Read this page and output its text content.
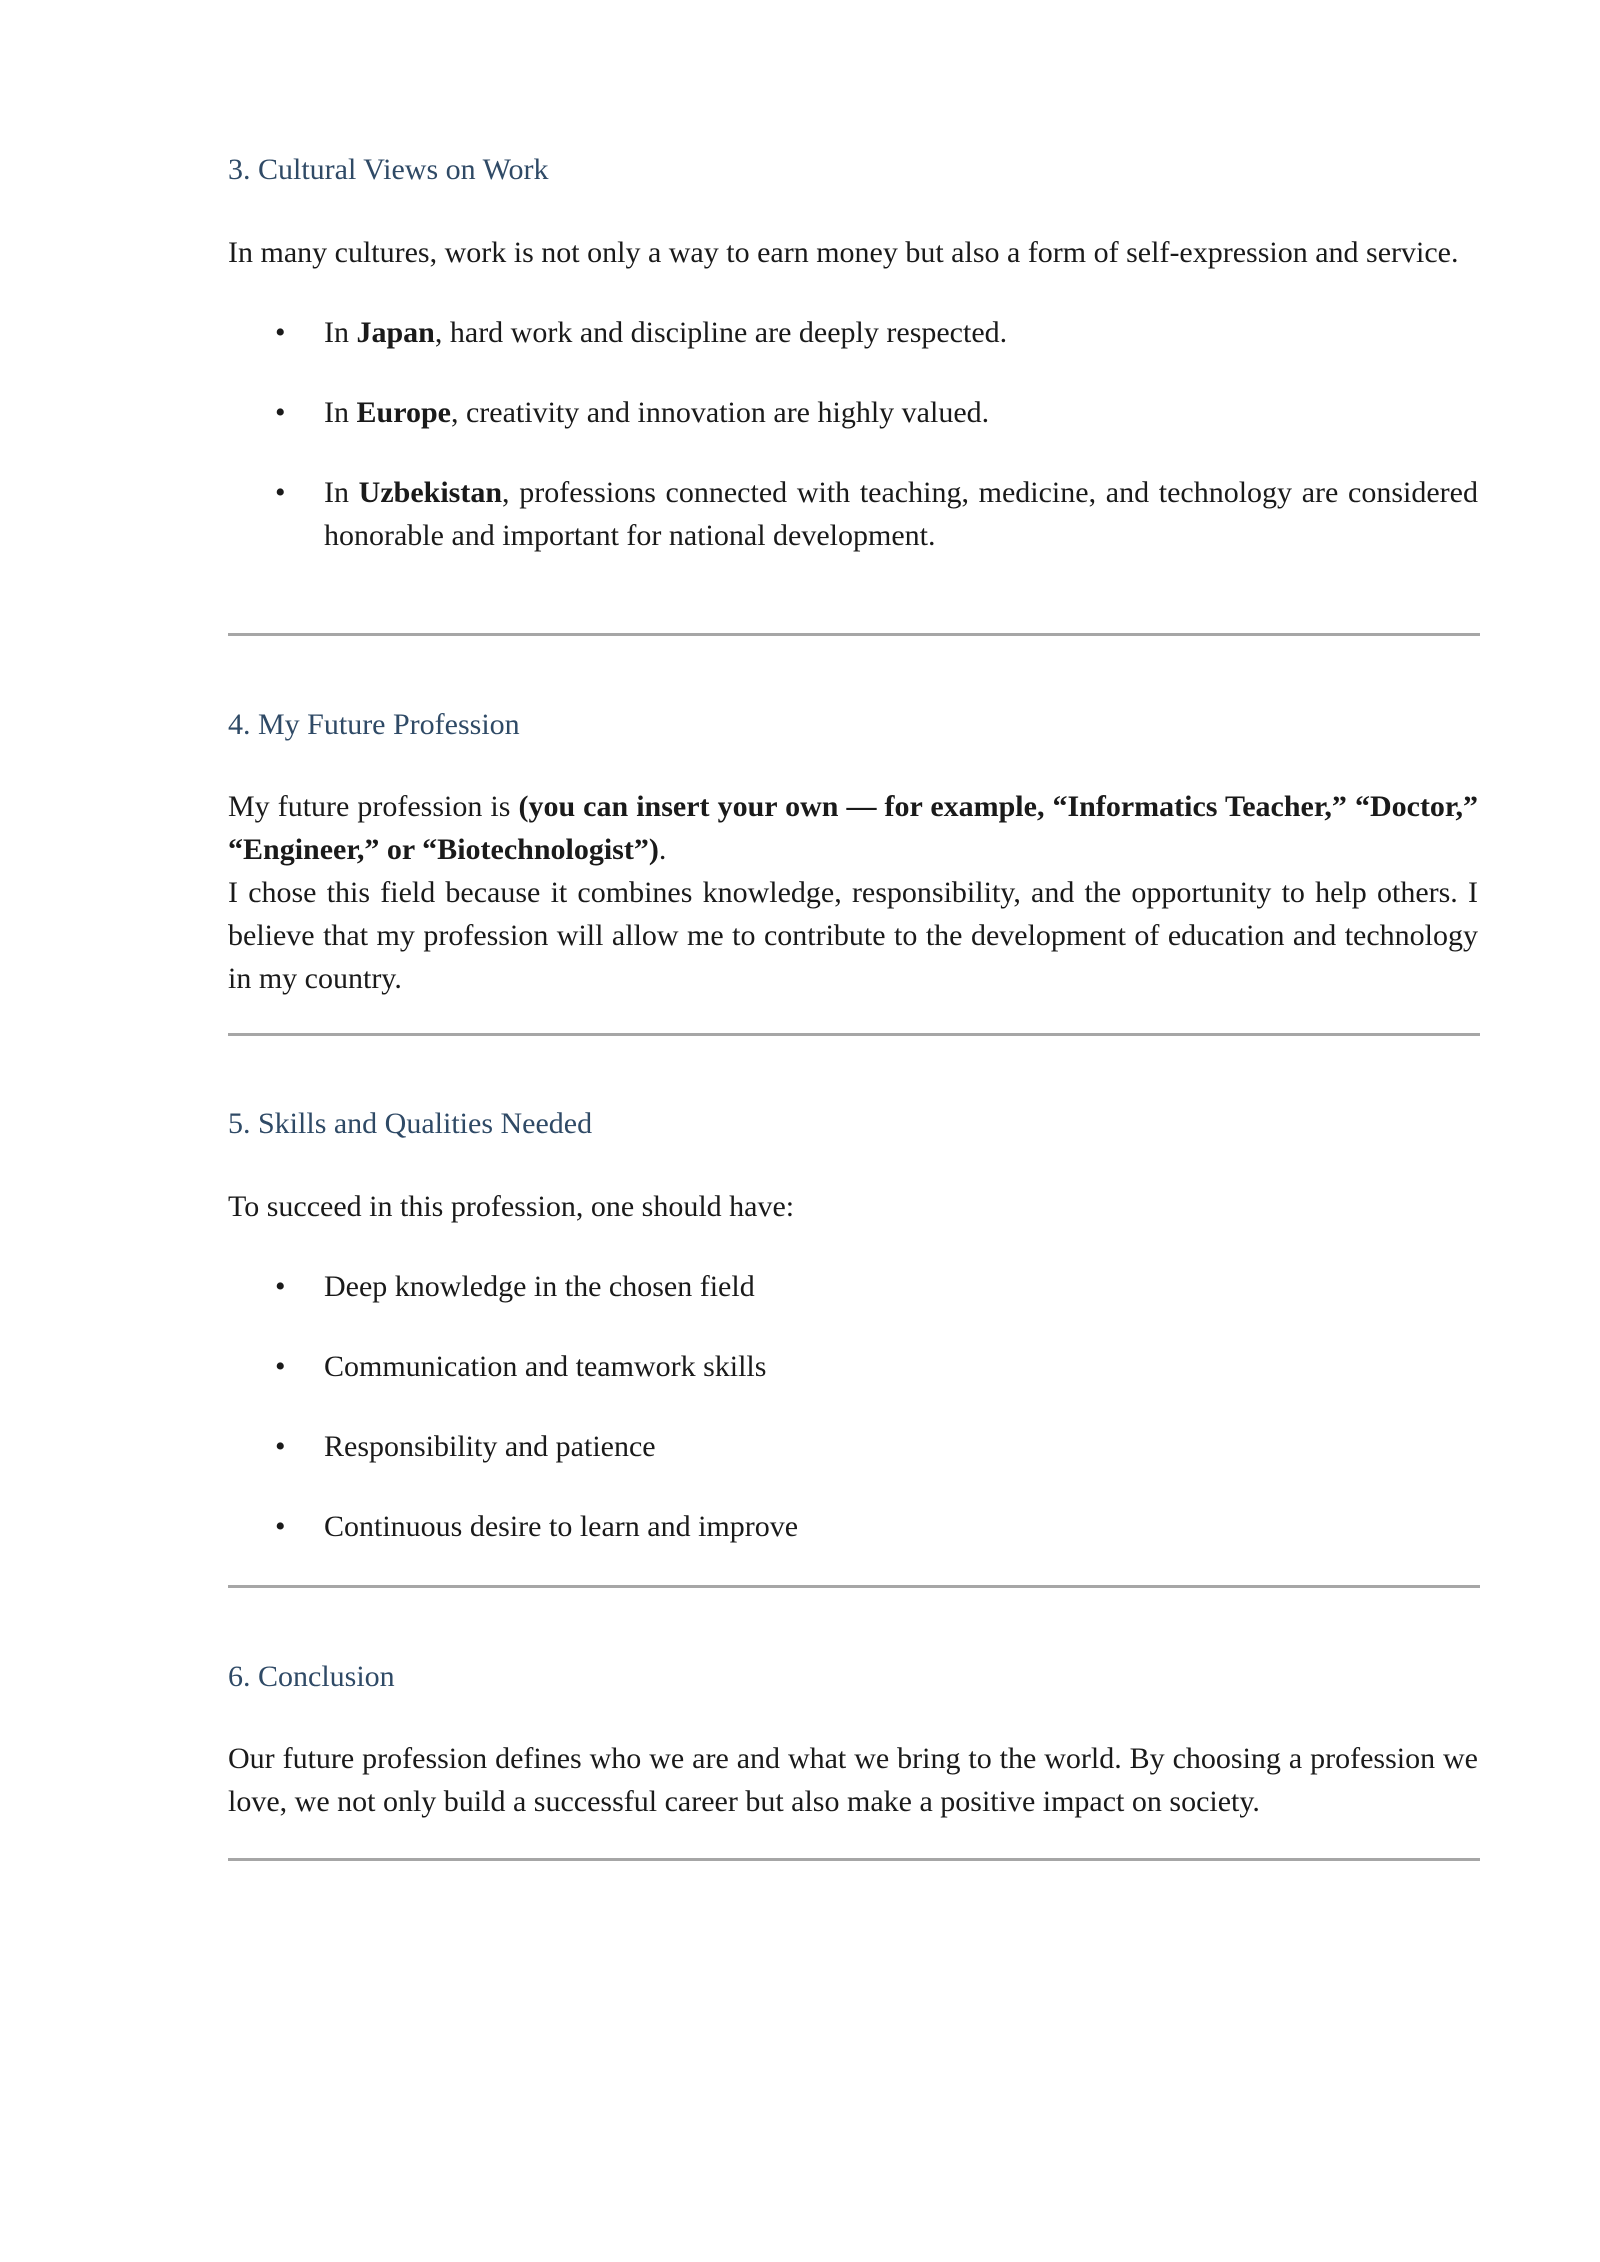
3. Cultural Views on Work

In many cultures, work is not only a way to earn money but also a form of self-expression and service.

• In Japan, hard work and discipline are deeply respected.
• In Europe, creativity and innovation are highly valued.
• In Uzbekistan, professions connected with teaching, medicine, and technology are considered honorable and important for national development.
4. My Future Profession

My future profession is (you can insert your own — for example, “Informatics Teacher,” “Doctor,” “Engineer,” or “Biotechnologist”).

I chose this field because it combines knowledge, responsibility, and the opportunity to help others. I believe that my profession will allow me to contribute to the development of education and technology in my country.

5. Skills and Qualities Needed

To succeed in this profession, one should have:

• Deep knowledge in the chosen field
• Communication and teamwork skills
• Responsibility and patience
• Continuous desire to learn and improve
6. Conclusion

Our future profession defines who we are and what we bring to the world. By choosing a profession we love, we not only build a successful career but also make a positive impact on society.
